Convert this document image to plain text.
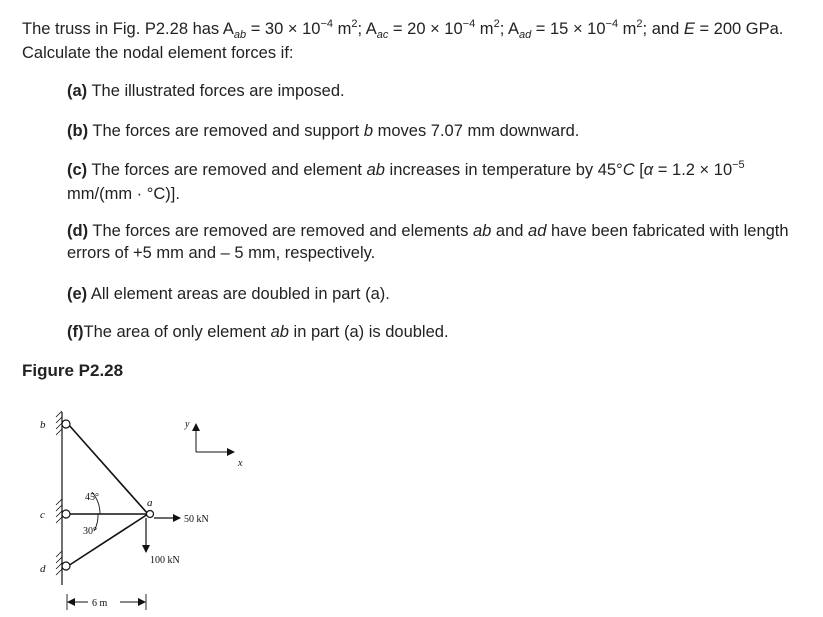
The truss in Fig. P2.28 has $A_{ab} = 30 \times 10^{-4}$ $m^2$; $A_{ac} = 20 \times 10^{-4}$ $m^2$; $A_{ad} = 15 \times 10^{-4}$ $m^2$; and E = 200 GPa. Calculate the nodal element forces if:
(a) The illustrated forces are imposed.
(b) The forces are removed and support b moves 7.07 mm downward.
(c) The forces are removed and element ab increases in temperature by 45°C [$\alpha = 1.2 \times 10^{-5}$ mm/(mm · °C)].
(d) The forces are removed are removed and elements ab and ad have been fabricated with length errors of +5 mm and – 5 mm, respectively.
(e) All element areas are doubled in part (a).
(f)The area of only element ab in part (a) is doubled.
Figure P2.28
b
c
d
a
45°
30°
50 kN
100 kN
y
x
6 m
